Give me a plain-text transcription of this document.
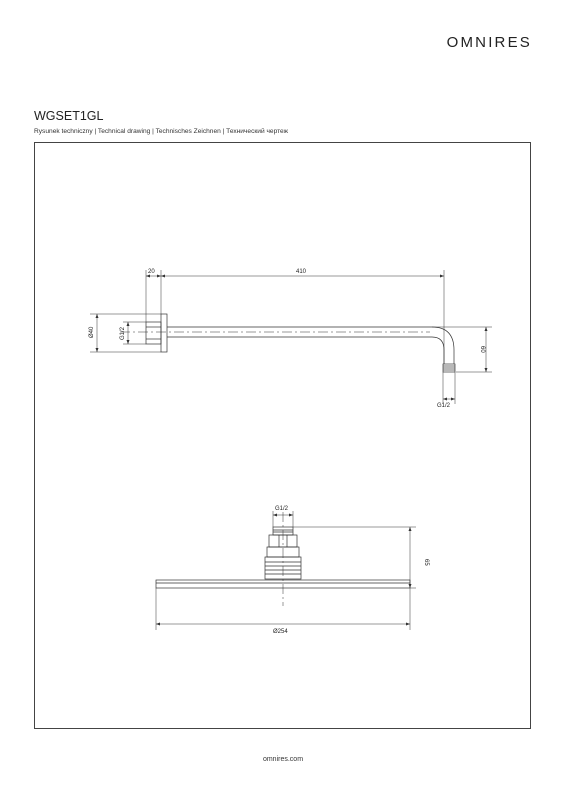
OMNIRES
WGSET1GL
Rysunek techniczny | Technical drawing | Technisches Zeichnen | Технический чертеж
20	410
Ø40	G1/2
60
G1/2
G1/2
65
Ø254
omnires.com
